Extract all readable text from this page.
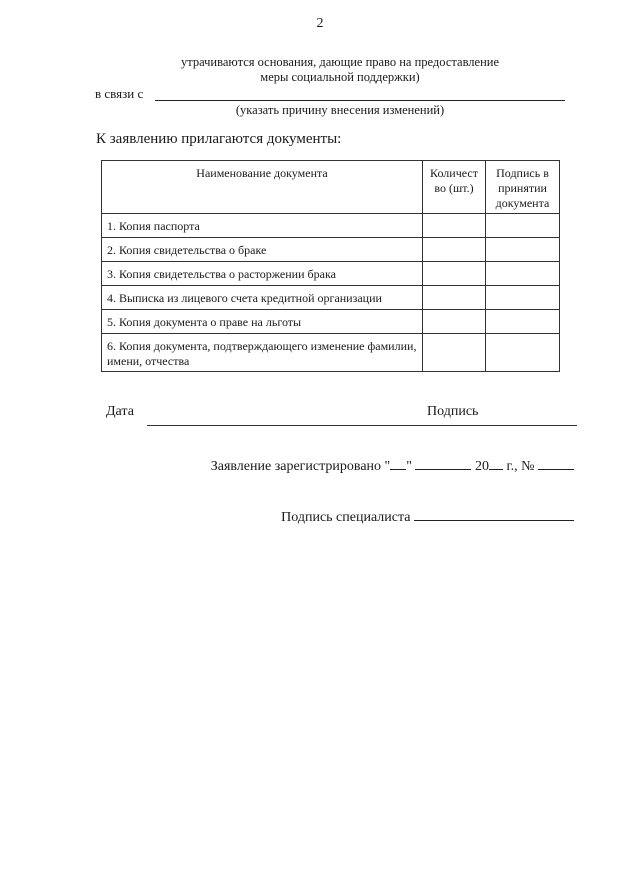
2
утрачиваются основания, дающие право на предоставление
меры социальной поддержки)
в связи с
(указать причину внесения изменений)
К заявлению прилагаются документы:
Наименование документа	Количест во (шт.)	Подпись в принятии документа
1. Копия паспорта		
2. Копия свидетельства о браке		
3. Копия свидетельства о расторжении брака		
4. Выписка из лицевого счета кредитной организации		
5. Копия документа о праве на льготы		
6. Копия документа, подтверждающего изменение фамилии, имени, отчества		
Дата	Подпись
Заявление зарегистрировано " "	20 г., №
Подпись специалиста
